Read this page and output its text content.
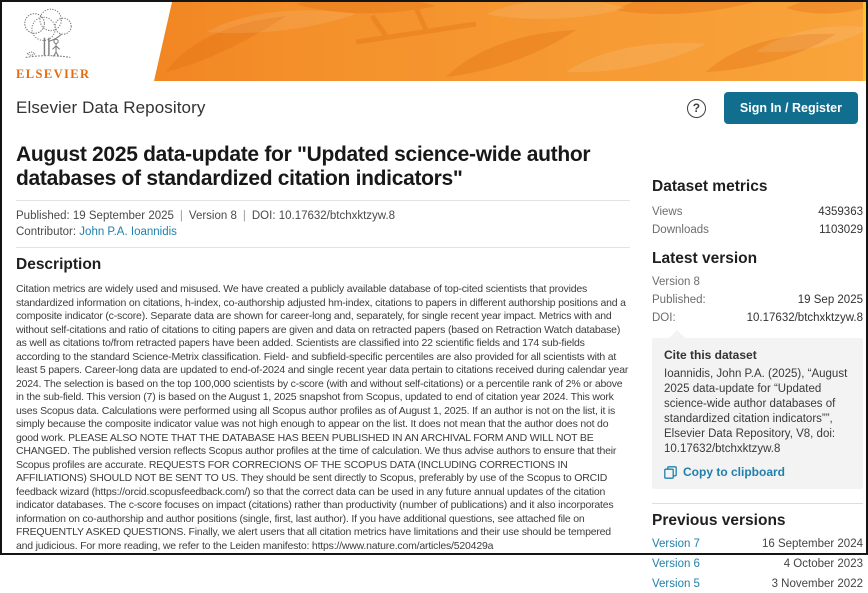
ELSEVIER
Elsevier Data Repository	?	Sign In / Register
August 2025 data-update for "Updated science-wide author databases of standardized citation indicators"
Published: 19 September 2025 | Version 8 | DOI: 10.17632/btchxktzyw.8
Contributor: John P.A. Ioannidis
Description

Citation metrics are widely used and misused. We have created a publicly available database of top-cited scientists that provides standardized information on citations, h-index, co-authorship adjusted hm-index, citations to papers in different authorship positions and a composite indicator (c-score). Separate data are shown for career-long and, separately, for single recent year impact. Metrics with and without self-citations and ratio of citations to citing papers are given and data on retracted papers (based on Retraction Watch database) as well as citations to/from retracted papers have been added. Scientists are classified into 22 scientific fields and 174 sub-fields according to the standard Science-Metrix classification. Field- and subfield-specific percentiles are also provided for all scientists with at least 5 papers. Career-long data are updated to end-of-2024 and single recent year data pertain to citations received during calendar year 2024. The selection is based on the top 100,000 scientists by c-score (with and without self-citations) or a percentile rank of 2% or above in the sub-field. This version (7) is based on the August 1, 2025 snapshot from Scopus, updated to end of citation year 2024. This work uses Scopus data. Calculations were performed using all Scopus author profiles as of August 1, 2025. If an author is not on the list, it is simply because the composite indicator value was not high enough to appear on the list. It does not mean that the author does not do good work. PLEASE ALSO NOTE THAT THE DATABASE HAS BEEN PUBLISHED IN AN ARCHIVAL FORM AND WILL NOT BE CHANGED. The published version reflects Scopus author profiles at the time of calculation. We thus advise authors to ensure that their Scopus profiles are accurate. REQUESTS FOR CORRECIONS OF THE SCOPUS DATA (INCLUDING CORRECTIONS IN AFFILIATIONS) SHOULD NOT BE SENT TO US. They should be sent directly to Scopus, preferably by use of the Scopus to ORCID feedback wizard (https://orcid.scopusfeedback.com/) so that the correct data can be used in any future annual updates of the citation indicator databases. The c-score focuses on impact (citations) rather than productivity (number of publications) and it also incorporates information on co-authorship and author positions (single, first, last author). If you have additional questions, see attached file on FREQUENTLY ASKED QUESTIONS. Finally, we alert users that all citation metrics have limitations and their use should be tempered and judicious. For more reading, we refer to the Leiden manifesto: https://www.nature.com/articles/520429a

Dataset metrics
Views	4359363
Downloads	1103029
Latest version
Version 8
Published:	19 Sep 2025
DOI:	10.17632/btchxktzyw.8
Cite this dataset
Ioannidis, John P.A. (2025), “August 2025 data-update for “Updated science-wide author databases of standardized citation indicators””, Elsevier Data Repository, V8, doi: 10.17632/btchxktzyw.8
Copy to clipboard
Previous versions
Version 7	16 September 2024
Version 6	4 October 2023
Version 5	3 November 2022
